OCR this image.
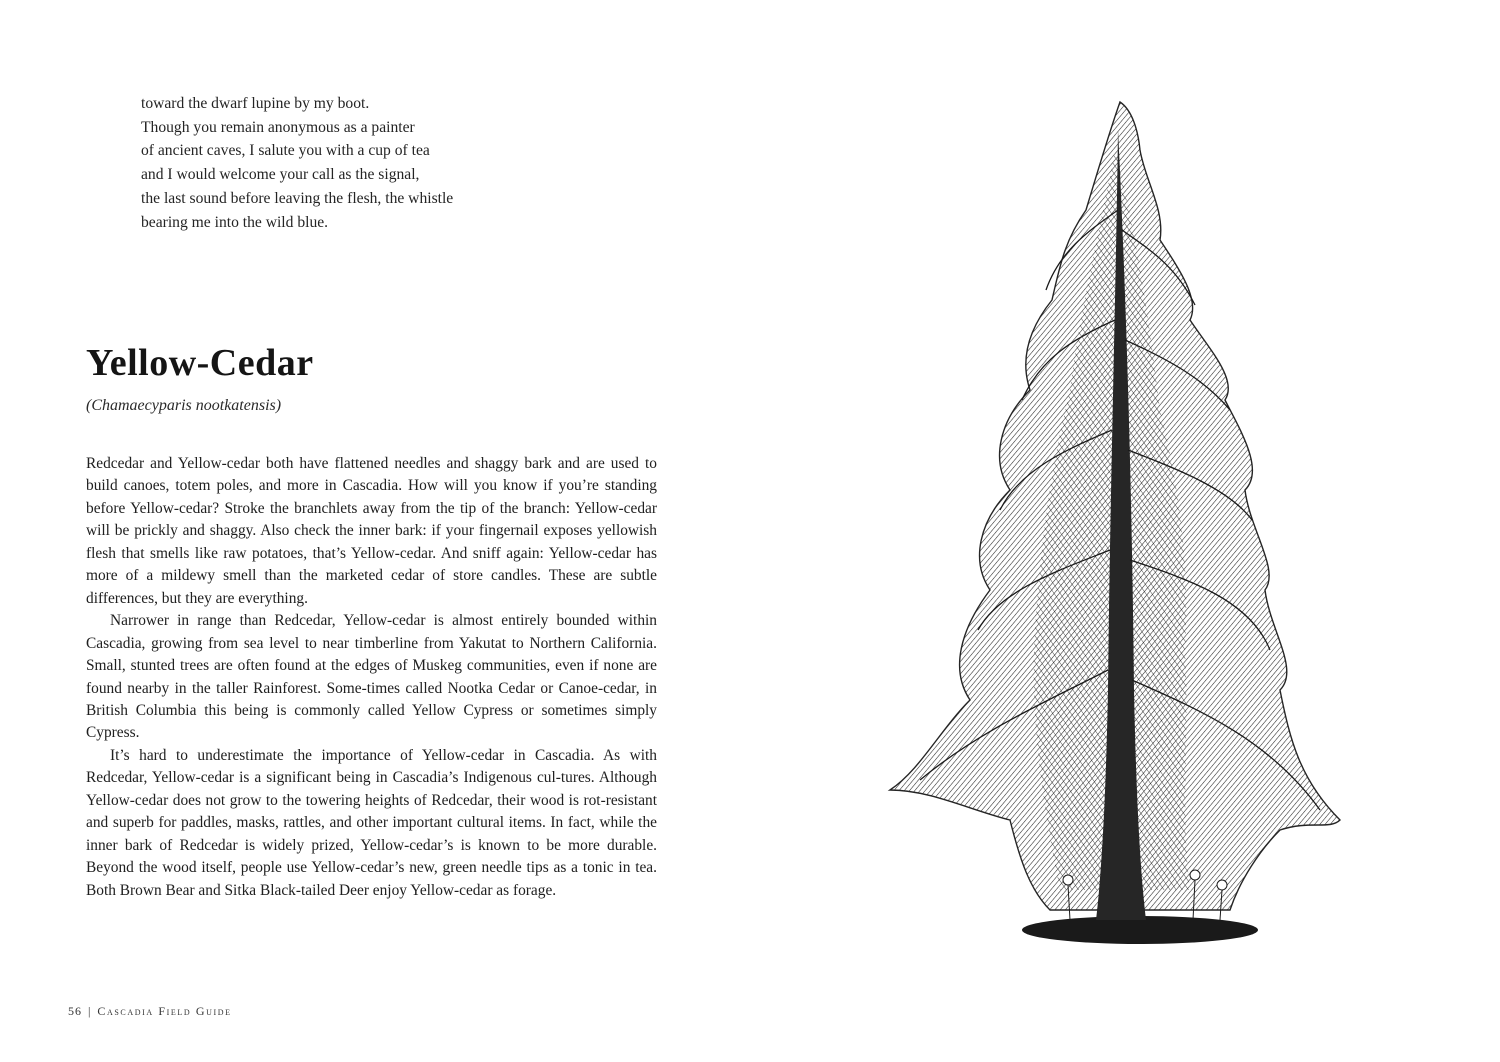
toward the dwarf lupine by my boot.
Though you remain anonymous as a painter
of ancient caves, I salute you with a cup of tea
and I would welcome your call as the signal,
the last sound before leaving the flesh, the whistle
bearing me into the wild blue.
Yellow-Cedar

(Chamaecyparis nootkatensis)

Redcedar and Yellow-cedar both have flattened needles and shaggy bark and are used to build canoes, totem poles, and more in Cascadia. How will you know if you’re standing before Yellow-cedar? Stroke the branchlets away from the tip of the branch: Yellow-cedar will be prickly and shaggy. Also check the inner bark: if your fingernail exposes yellowish flesh that smells like raw potatoes, that’s Yellow-cedar. And sniff again: Yellow-cedar has more of a mildewy smell than the marketed cedar of store candles. These are subtle differences, but they are everything.

Narrower in range than Redcedar, Yellow-cedar is almost entirely bounded within Cascadia, growing from sea level to near timberline from Yakutat to Northern California. Small, stunted trees are often found at the edges of Muskeg communities, even if none are found nearby in the taller Rainforest. Some-times called Nootka Cedar or Canoe-cedar, in British Columbia this being is commonly called Yellow Cypress or sometimes simply Cypress.

It’s hard to underestimate the importance of Yellow-cedar in Cascadia. As with Redcedar, Yellow-cedar is a significant being in Cascadia’s Indigenous cul-tures. Although Yellow-cedar does not grow to the towering heights of Redcedar, their wood is rot-resistant and superb for paddles, masks, rattles, and other important cultural items. In fact, while the inner bark of Redcedar is widely prized, Yellow-cedar’s is known to be more durable. Beyond the wood itself, people use Yellow-cedar’s new, green needle tips as a tonic in tea. Both Brown Bear and Sitka Black-tailed Deer enjoy Yellow-cedar as forage.

56 | Cascadia Field Guide
